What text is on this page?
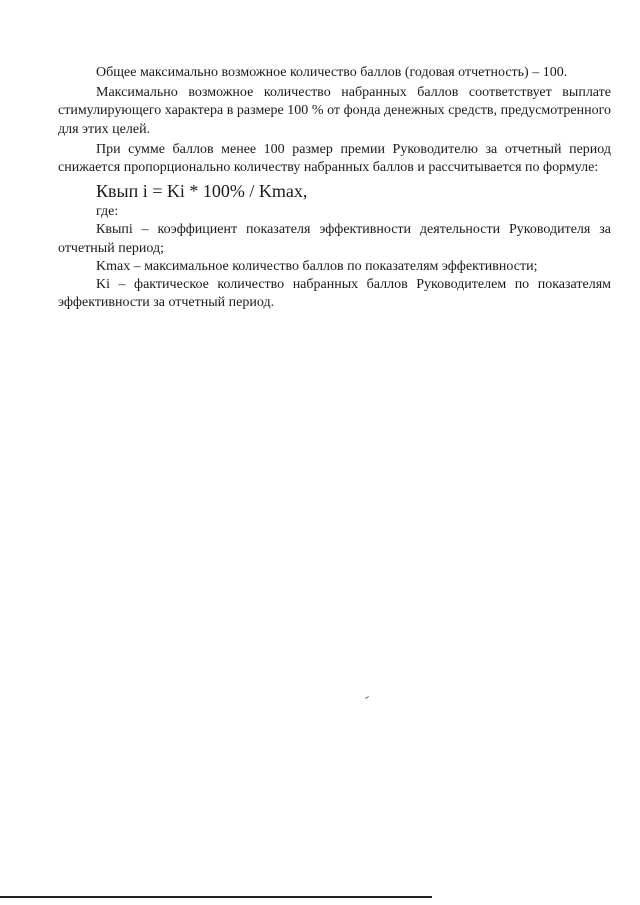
Общее максимально возможное количество баллов (годовая отчетность) – 100.

Максимально возможное количество набранных баллов соответствует выплате стимулирующего характера в размере 100 % от фонда денежных средств, предусмотренного для этих целей.

При сумме баллов менее 100 размер премии Руководителю за отчетный период снижается пропорционально количеству набранных баллов и рассчитывается по формуле:

Квып i = Ki * 100% / Kmax,

где:

Квыпi – коэффициент показателя эффективности деятельности Руководителя за отчетный период;

Kmax – максимальное количество баллов по показателям эффективности;

Ki – фактическое количество набранных баллов Руководителем по показателям эффективности за отчетный период.
